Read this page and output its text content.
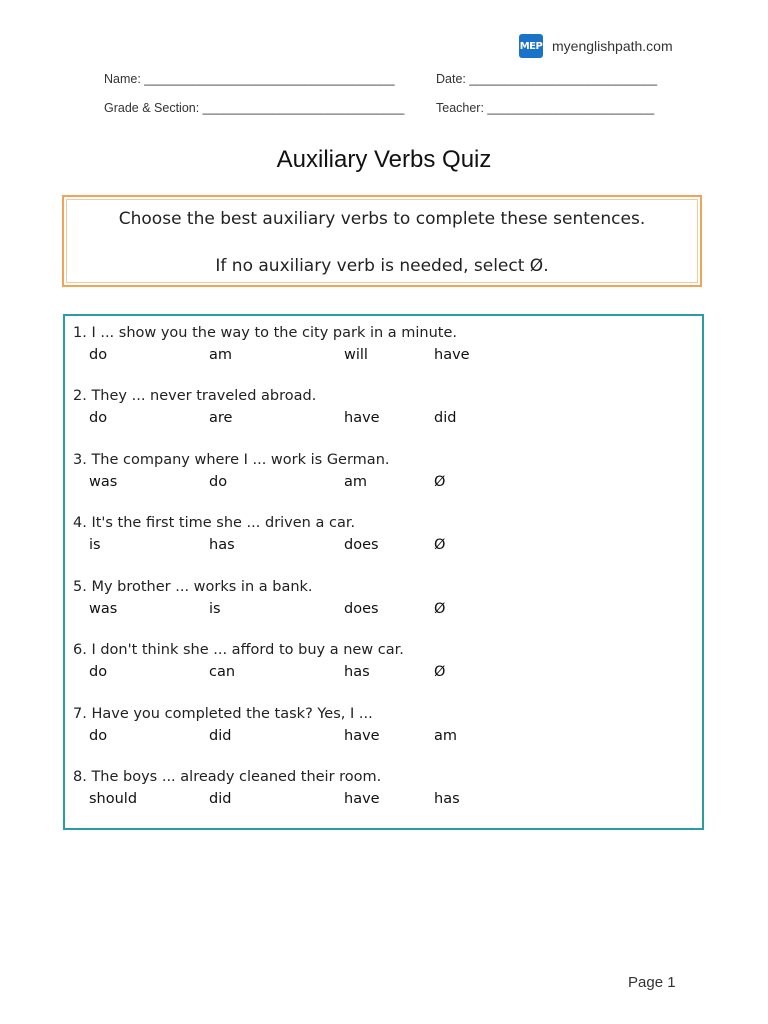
MEP myenglishpath.com
Name: ____________________________________	Date: ___________________________
Grade & Section: _____________________________	Teacher: ________________________
Auxiliary Verbs Quiz
Choose the best auxiliary verbs to complete these sentences.
If no auxiliary verb is needed, select Ø.
1. I ... show you the way to the city park in a minute.
do	am	will	have
2. They ... never traveled abroad.
do	are	have	did
3. The company where I ... work is German.
was	do	am	Ø
4. It's the first time she ... driven a car.
is	has	does	Ø
5. My brother ... works in a bank.
was	is	does	Ø
6. I don't think she ... afford to buy a new car.
do	can	has	Ø
7. Have you completed the task? Yes, I ...
do	did	have	am
8. The boys ... already cleaned their room.
should	did	have	has
Page 1
